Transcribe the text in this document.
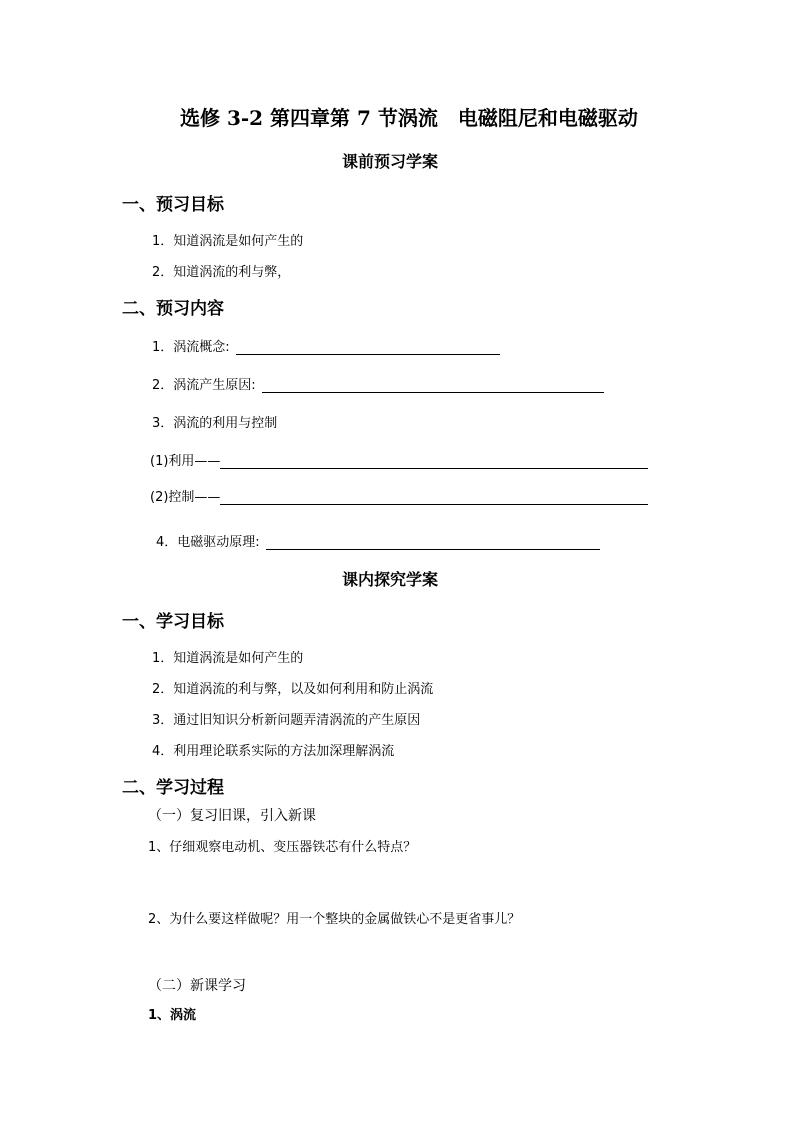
选修 3-2 第四章第 7 节涡流　电磁阻尼和电磁驱动
课前预习学案
一、预习目标
1．知道涡流是如何产生的
2．知道涡流的利与弊，
二、预习内容
1．涡流概念:
2．涡流产生原因:
3．涡流的利用与控制
(1)利用——
(2)控制——
4．电磁驱动原理:
课内探究学案
一、学习目标
1．知道涡流是如何产生的
2．知道涡流的利与弊，以及如何利用和防止涡流
3．通过旧知识分析新问题弄清涡流的产生原因
4．利用理论联系实际的方法加深理解涡流
二、学习过程
（一）复习旧课，引入新课
1、仔细观察电动机、变压器铁芯有什么特点？
2、为什么要这样做呢？用一个整块的金属做铁心不是更省事儿？
（二）新课学习
1、涡流
